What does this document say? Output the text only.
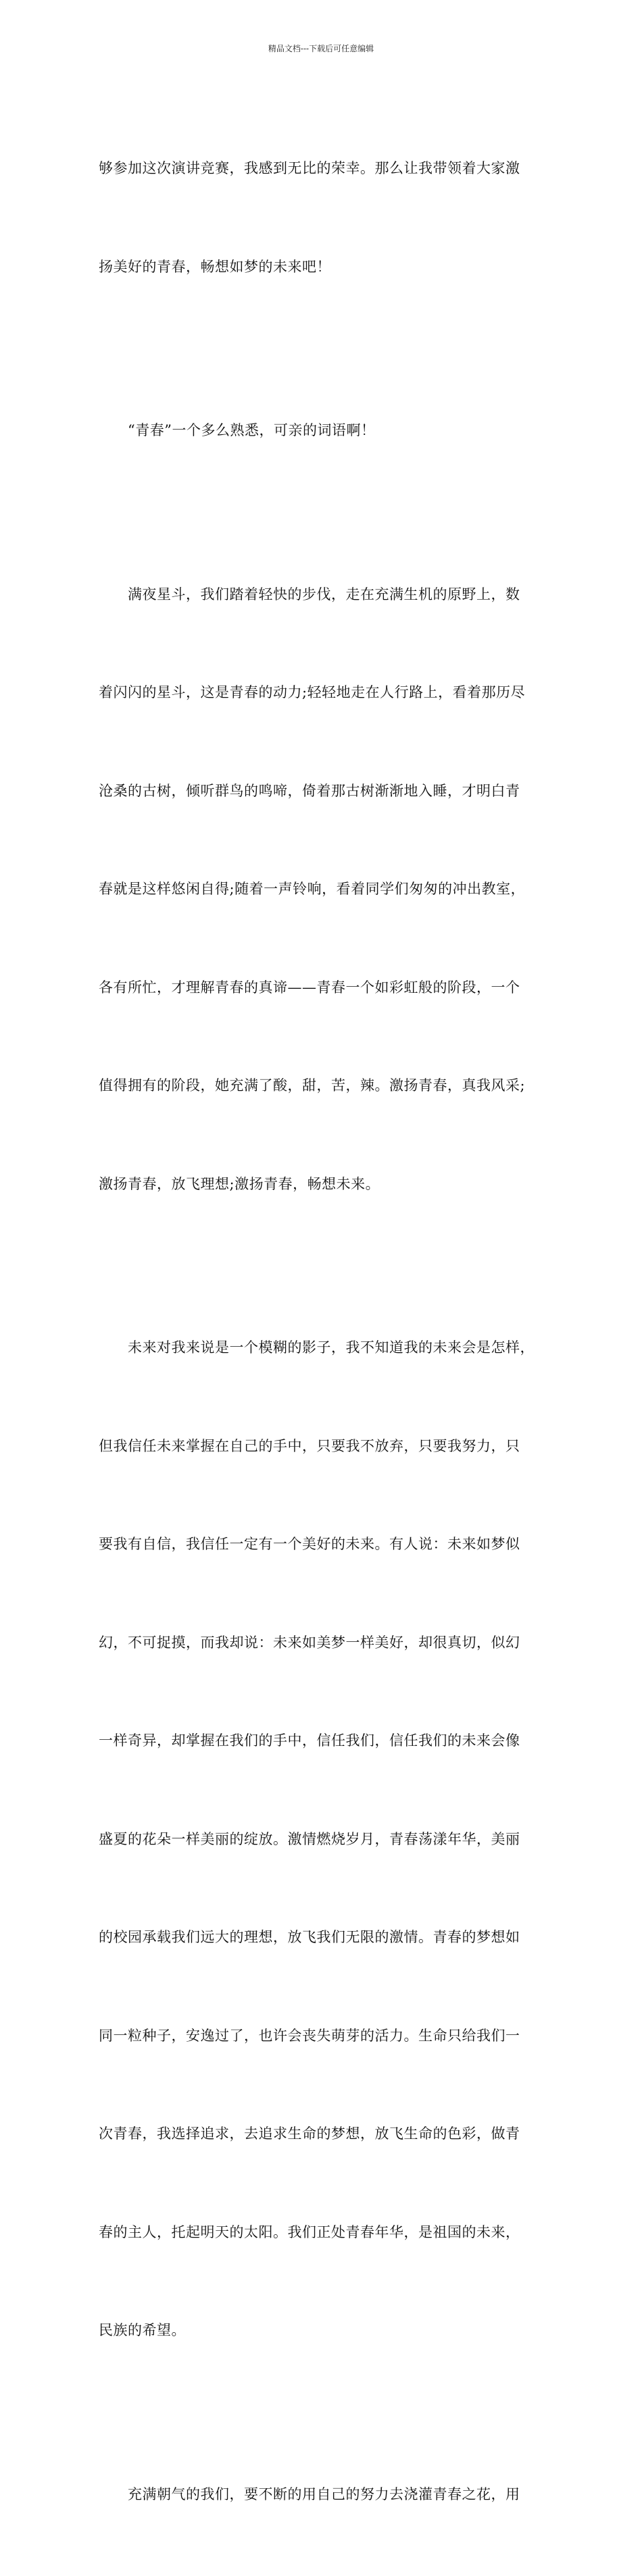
精品文档---下载后可任意编辑

够参加这次演讲竞赛，我感到无比的荣幸。那么让我带领着大家激

扬美好的青春，畅想如梦的未来吧！

　　“青春”一个多么熟悉，可亲的词语啊！

　　满夜星斗，我们踏着轻快的步伐，走在充满生机的原野上，数

着闪闪的星斗，这是青春的动力;轻轻地走在人行路上，看着那历尽

沧桑的古树，倾听群鸟的鸣啼，倚着那古树渐渐地入睡，才明白青

春就是这样悠闲自得;随着一声铃响，看着同学们匆匆的冲出教室，

各有所忙，才理解青春的真谛——青春一个如彩虹般的阶段，一个

值得拥有的阶段，她充满了酸，甜，苦，辣。激扬青春，真我风采;

激扬青春，放飞理想;激扬青春，畅想未来。

　　未来对我来说是一个模糊的影子，我不知道我的未来会是怎样，

但我信任未来掌握在自己的手中，只要我不放弃，只要我努力，只

要我有自信，我信任一定有一个美好的未来。有人说：未来如梦似

幻，不可捉摸，而我却说：未来如美梦一样美好，却很真切，似幻

一样奇异，却掌握在我们的手中，信任我们，信任我们的未来会像

盛夏的花朵一样美丽的绽放。激情燃烧岁月，青春荡漾年华，美丽

的校园承载我们远大的理想，放飞我们无限的激情。青春的梦想如

同一粒种子，安逸过了，也许会丧失萌芽的活力。生命只给我们一

次青春，我选择追求，去追求生命的梦想，放飞生命的色彩，做青

春的主人，托起明天的太阳。我们正处青春年华，是祖国的未来，

民族的希望。

　　充满朝气的我们，要不断的用自己的努力去浇灌青春之花，用
